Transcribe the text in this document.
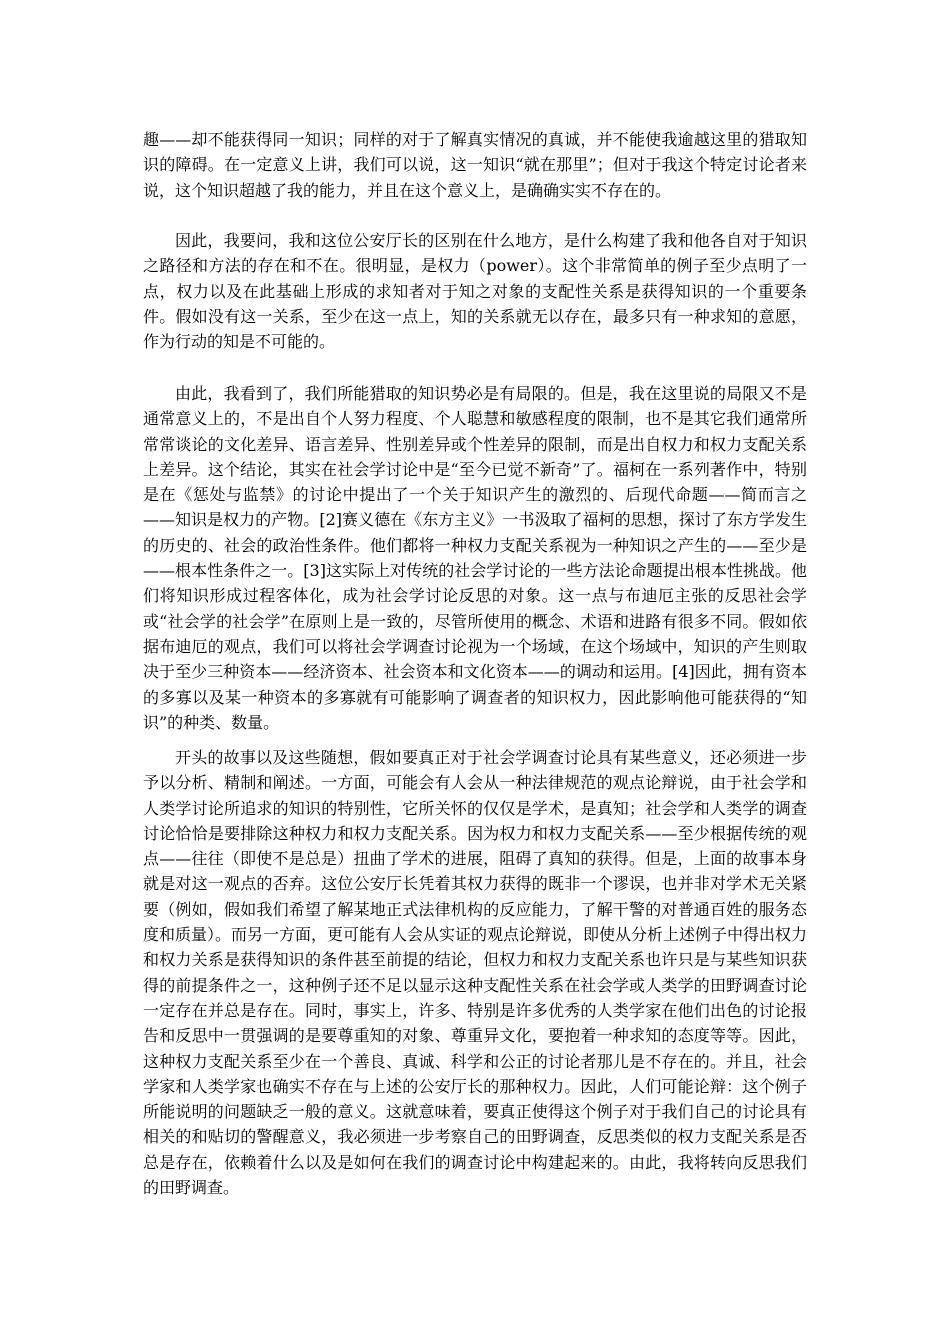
趣——却不能获得同一知识；同样的对于了解真实情况的真诚，并不能使我逾越这里的猎取知识的障碍。在一定意义上讲，我们可以说，这一知识“就在那里”；但对于我这个特定讨论者来说，这个知识超越了我的能力，并且在这个意义上，是确确实实不存在的。
因此，我要问，我和这位公安厅长的区别在什么地方，是什么构建了我和他各自对于知识之路径和方法的存在和不在。很明显，是权力（power）。这个非常简单的例子至少点明了一点，权力以及在此基础上形成的求知者对于知之对象的支配性关系是获得知识的一个重要条件。假如没有这一关系，至少在这一点上，知的关系就无以存在，最多只有一种求知的意愿，作为行动的知是不可能的。
由此，我看到了，我们所能猎取的知识势必是有局限的。但是，我在这里说的局限又不是通常意义上的，不是出自个人努力程度、个人聪慧和敏感程度的限制，也不是其它我们通常所常常谈论的文化差异、语言差异、性别差异或个性差异的限制，而是出自权力和权力支配关系上差异。这个结论，其实在社会学讨论中是“至今已觉不新奇”了。福柯在一系列著作中，特别是在《惩处与监禁》的讨论中提出了一个关于知识产生的激烈的、后现代命题——简而言之——知识是权力的产物。[2]赛义德在《东方主义》一书汲取了福柯的思想，探讨了东方学发生的历史的、社会的政治性条件。他们都将一种权力支配关系视为一种知识之产生的——至少是——根本性条件之一。[3]这实际上对传统的社会学讨论的一些方法论命题提出根本性挑战。他们将知识形成过程客体化，成为社会学讨论反思的对象。这一点与布迪厄主张的反思社会学或“社会学的社会学”在原则上是一致的，尽管所使用的概念、术语和进路有很多不同。假如依据布迪厄的观点，我们可以将社会学调查讨论视为一个场域，在这个场域中，知识的产生则取决于至少三种资本——经济资本、社会资本和文化资本——的调动和运用。[4]因此，拥有资本的多寡以及某一种资本的多寡就有可能影响了调查者的知识权力，因此影响他可能获得的“知识”的种类、数量。
开头的故事以及这些随想，假如要真正对于社会学调查讨论具有某些意义，还必须进一步予以分析、精制和阐述。一方面，可能会有人会从一种法律规范的观点论辩说，由于社会学和人类学讨论所追求的知识的特别性，它所关怀的仅仅是学术，是真知；社会学和人类学的调查讨论恰恰是要排除这种权力和权力支配关系。因为权力和权力支配关系——至少根据传统的观点——往往（即使不是总是）扭曲了学术的进展，阻碍了真知的获得。但是，上面的故事本身就是对这一观点的否弃。这位公安厅长凭着其权力获得的既非一个谬误，也并非对学术无关紧要（例如，假如我们希望了解某地正式法律机构的反应能力，了解干警的对普通百姓的服务态度和质量）。而另一方面，更可能有人会从实证的观点论辩说，即使从分析上述例子中得出权力和权力关系是获得知识的条件甚至前提的结论，但权力和权力支配关系也许只是与某些知识获得的前提条件之一，这种例子还不足以显示这种支配性关系在社会学或人类学的田野调查讨论一定存在并总是存在。同时，事实上，许多、特别是许多优秀的人类学家在他们出色的讨论报告和反思中一贯强调的是要尊重知的对象、尊重异文化，要抱着一种求知的态度等等。因此，这种权力支配关系至少在一个善良、真诚、科学和公正的讨论者那儿是不存在的。并且，社会学家和人类学家也确实不存在与上述的公安厅长的那种权力。因此，人们可能论辩：这个例子所能说明的问题缺乏一般的意义。这就意味着，要真正使得这个例子对于我们自己的讨论具有相关的和贴切的警醒意义，我必须进一步考察自己的田野调查，反思类似的权力支配关系是否总是存在，依赖着什么以及是如何在我们的调查讨论中构建起来的。由此，我将转向反思我们的田野调查。
